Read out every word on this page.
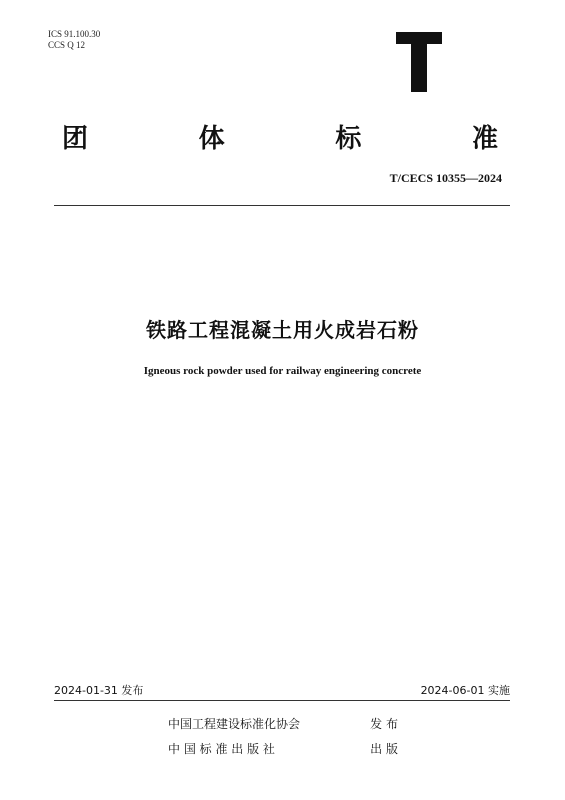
ICS 91.100.30
CCS Q 12
团	体	标	准
T/CECS 10355—2024
铁路工程混凝土用火成岩石粉
Igneous rock powder used for railway engineering concrete
2024-01-31 发布	2024-06-01 实施
中国工程建设标准化协会	发 布
中 国 标 准 出 版 社	出 版
